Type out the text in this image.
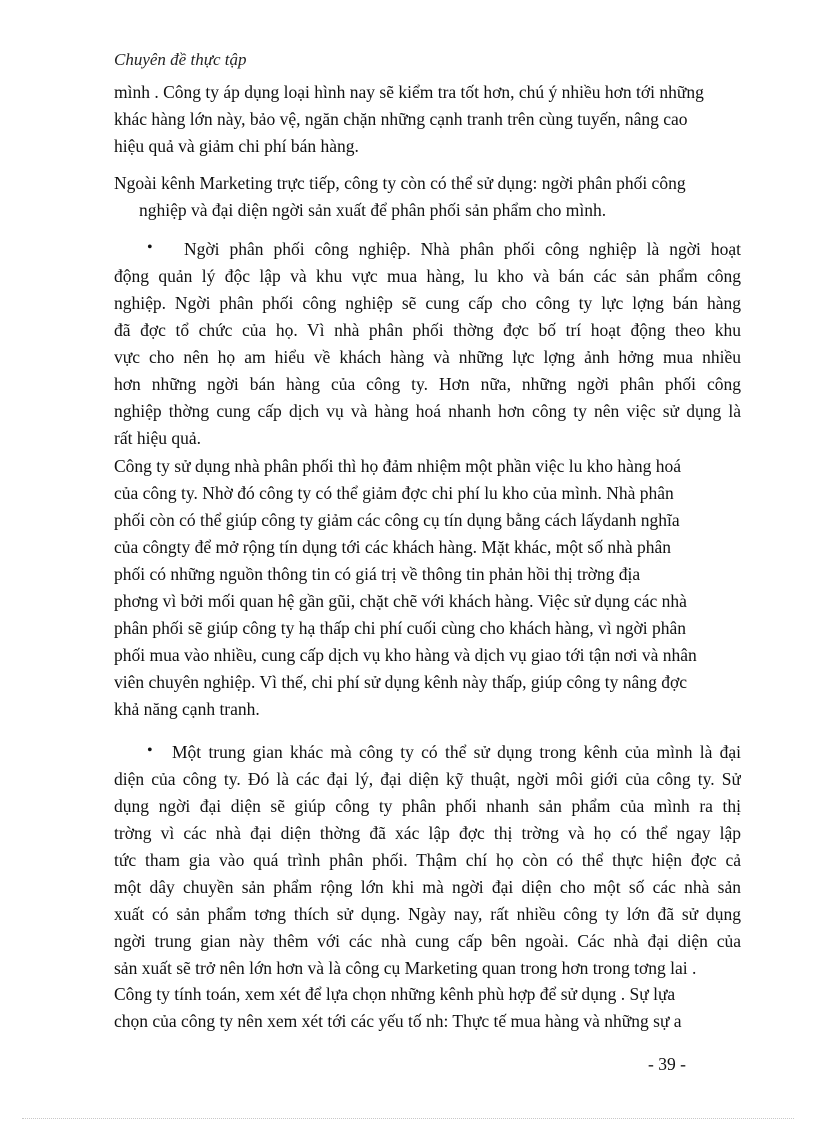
Chuyên đề thực tập
mình . Công ty áp dụng loại hình nay sẽ kiểm tra tốt hơn, chú ý nhiều hơn tới những
khác hàng lớn này, bảo vệ, ngăn chặn những cạnh tranh trên cùng tuyến, nâng cao
hiệu quả và giảm chi phí bán hàng.
Ngoài kênh Marketing trực tiếp, công ty còn có thể sử dụng: ngời phân phối công
nghiệp và đại diện ngời sản xuất để phân phối sản phẩm cho mình.
•	Ngời phân phối công nghiệp. Nhà phân phối công nghiệp là ngời hoạt
động quản lý độc lập và khu vực mua hàng, lu kho và bán các sản phẩm công
nghiệp. Ngời phân phối công nghiệp sẽ cung cấp cho công ty lực lợng bán hàng
đã đợc tổ chức của họ. Vì nhà phân phối thờng đợc bố trí hoạt động theo khu
vực cho nên họ am hiểu về khách hàng và những lực lợng ảnh hởng mua nhiều
hơn những ngời bán hàng của công ty. Hơn nữa, những ngời phân phối công
nghiệp thờng cung cấp dịch vụ và hàng hoá nhanh hơn công ty nên việc sử dụng là
rất hiệu quả.
Công ty sử dụng nhà phân phối thì họ đảm nhiệm một phần việc lu kho hàng hoá
của công ty. Nhờ đó công ty có thể giảm đợc chi phí lu kho của mình. Nhà phân
phối còn có thể giúp công ty giảm các công cụ tín dụng bằng cách lấydanh nghĩa
của côngty để mở rộng tín dụng tới các khách hàng. Mặt khác, một số nhà phân
phối có những nguồn thông tin có giá trị về thông tin phản hồi thị trờng địa
phơng vì bởi mối quan hệ gần gũi, chặt chẽ với khách hàng. Việc sử dụng các nhà
phân phối sẽ giúp công ty hạ thấp chi phí cuối cùng cho khách hàng, vì ngời phân
phối mua vào nhiều, cung cấp dịch vụ kho hàng và dịch vụ giao tới tận nơi và nhân
viên chuyên nghiệp. Vì thế, chi phí sử dụng kênh này thấp, giúp công ty nâng đợc
khả năng cạnh tranh.
•	Một trung gian khác mà công ty có thể sử dụng trong kênh của mình là đại
diện của công ty. Đó là các đại lý, đại diện kỹ thuật, ngời môi giới của công ty. Sử
dụng ngời đại diện sẽ giúp công ty phân phối nhanh sản phẩm của mình ra thị
trờng vì các nhà đại diện thờng đã xác lập đợc thị trờng và họ có thể ngay lập
tức tham gia vào quá trình phân phối. Thậm chí họ còn có thể thực hiện đợc cả
một dây chuyền sản phẩm rộng lớn khi mà ngời đại diện cho một số các nhà sản
xuất có sản phẩm tơng thích sử dụng. Ngày nay, rất nhiều công ty lớn đã sử dụng
ngời trung gian này thêm với các nhà cung cấp bên ngoài. Các nhà đại diện của
sản xuất sẽ trở nên lớn hơn và là công cụ Marketing quan trong hơn trong tơng lai .
Công ty tính toán, xem xét để lựa chọn những kênh phù hợp để sử dụng . Sự lựa
chọn của công ty nên xem xét tới các yếu tố nh: Thực tế mua hàng và những sự a
- 39 -
